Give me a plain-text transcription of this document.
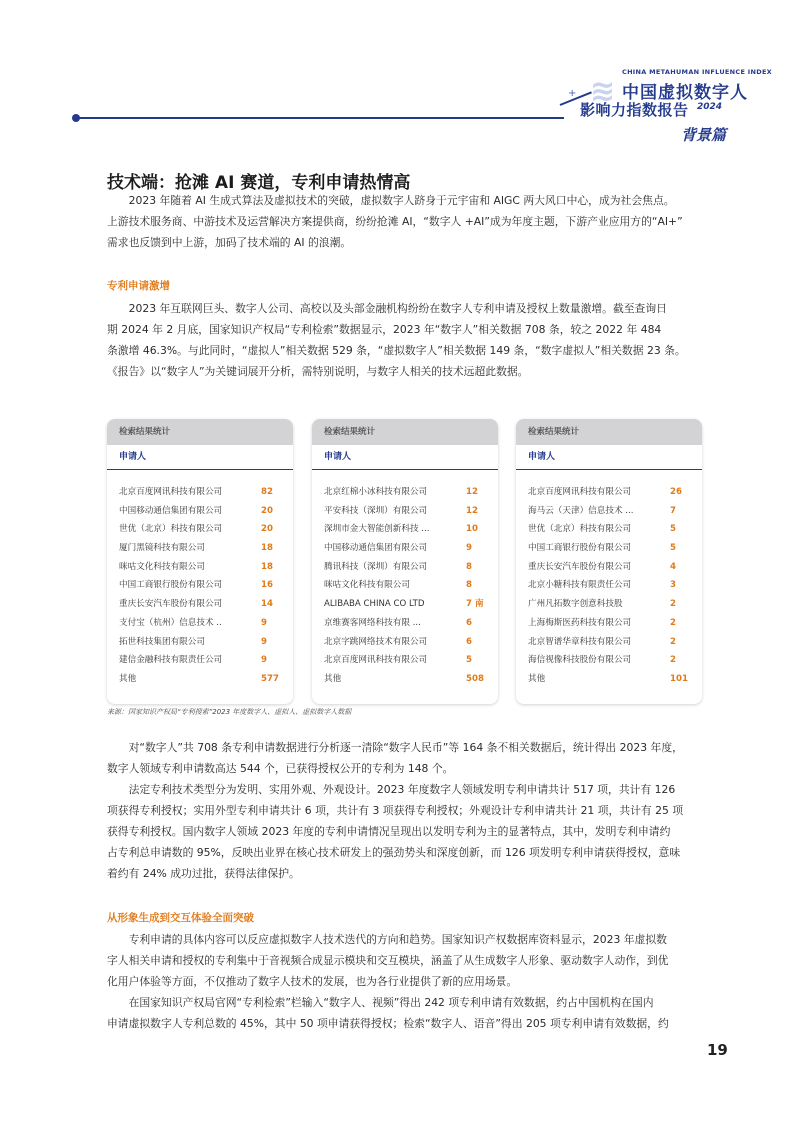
CHINA METAHUMAN INFLUENCE INDEX
≋
+	中国虚拟数字人
影响力指数报告 2024
背景篇
技术端：抢滩 AI 赛道，专利申请热情高
2023 年随着 AI 生成式算法及虚拟技术的突破，虚拟数字人跻身于元宇宙和 AIGC 两大风口中心，成为社会焦点。
上游技术服务商、中游技术及运营解决方案提供商，纷纷抢滩 AI，“数字人 +AI”成为年度主题，下游产业应用方的“AI+”
需求也反馈到中上游，加码了技术端的 AI 的浪潮。
专利申请激增
2023 年互联网巨头、数字人公司、高校以及头部金融机构纷纷在数字人专利申请及授权上数量激增。截至查询日
期 2024 年 2 月底，国家知识产权局“专利检索”数据显示，2023 年“数字人”相关数据 708 条，较之 2022 年 484
条激增 46.3%。与此同时，“虚拟人”相关数据 529 条，“虚拟数字人”相关数据 149 条，“数字虚拟人”相关数据 23 条。
《报告》以“数字人”为关键词展开分析，需特别说明，与数字人相关的技术远超此数据。
检索结果统计
申请人
北京百度网讯科技有限公司	82
中国移动通信集团有限公司	20
世优（北京）科技有限公司	20
厦门黑镜科技有限公司	18
咪咕文化科技有限公司	18
中国工商银行股份有限公司	16
重庆长安汽车股份有限公司	14
支付宝（杭州）信息技术 ..	9
拓世科技集团有限公司	9
建信金融科技有限责任公司	9
其他	577
检索结果统计
申请人
北京红棉小冰科技有限公司	12
平安科技（深圳）有限公司	12
深圳市金大智能创新科技 ...	10
中国移动通信集团有限公司	9
腾讯科技（深圳）有限公司	8
咪咕文化科技有限公司	8
ALIBABA CHINA CO LTD	7 南
京维赛客网络科技有限 ...	6
北京字跳网络技术有限公司	6
北京百度网讯科技有限公司	5
其他	508
检索结果统计
申请人
北京百度网讯科技有限公司	26
海马云（天津）信息技术 ...	7
世优（北京）科技有限公司	5
中国工商银行股份有限公司	5
重庆长安汽车股份有限公司	4
北京小糖科技有限责任公司	3
广州凡拓数字创意科技股	2
上海梅斯医药科技有限公司	2
北京智谱华章科技有限公司	2
海信视像科技股份有限公司	2
其他	101
来源：国家知识产权局“专利搜索”2023 年度数字人、虚拟人、虚拟数字人数据
对“数字人”共 708 条专利申请数据进行分析逐一清除“数字人民币”等 164 条不相关数据后，统计得出 2023 年度，
数字人领域专利申请数高达 544 个，已获得授权公开的专利为 148 个。
法定专利技术类型分为发明、实用外观、外观设计。2023 年度数字人领域发明专利申请共计 517 项，共计有 126
项获得专利授权；实用外型专利申请共计 6 项，共计有 3 项获得专利授权；外观设计专利申请共计 21 项，共计有 25 项
获得专利授权。国内数字人领域 2023 年度的专利申请情况呈现出以发明专利为主的显著特点，其中，发明专利申请约
占专利总申请数的 95%，反映出业界在核心技术研发上的强劲势头和深度创新，而 126 项发明专利申请获得授权，意味
着约有 24% 成功过批，获得法律保护。
从形象生成到交互体验全面突破
专利申请的具体内容可以反应虚拟数字人技术迭代的方向和趋势。国家知识产权数据库资料显示，2023 年虚拟数
字人相关申请和授权的专利集中于音视频合成显示模块和交互模块，涵盖了从生成数字人形象、驱动数字人动作，到优
化用户体验等方面，不仅推动了数字人技术的发展，也为各行业提供了新的应用场景。
在国家知识产权局官网“专利检索”栏输入“数字人、视频”得出 242 项专利申请有效数据，约占中国机构在国内
申请虚拟数字人专利总数的 45%，其中 50 项申请获得授权；检索“数字人、语音”得出 205 项专利申请有效数据，约
19
